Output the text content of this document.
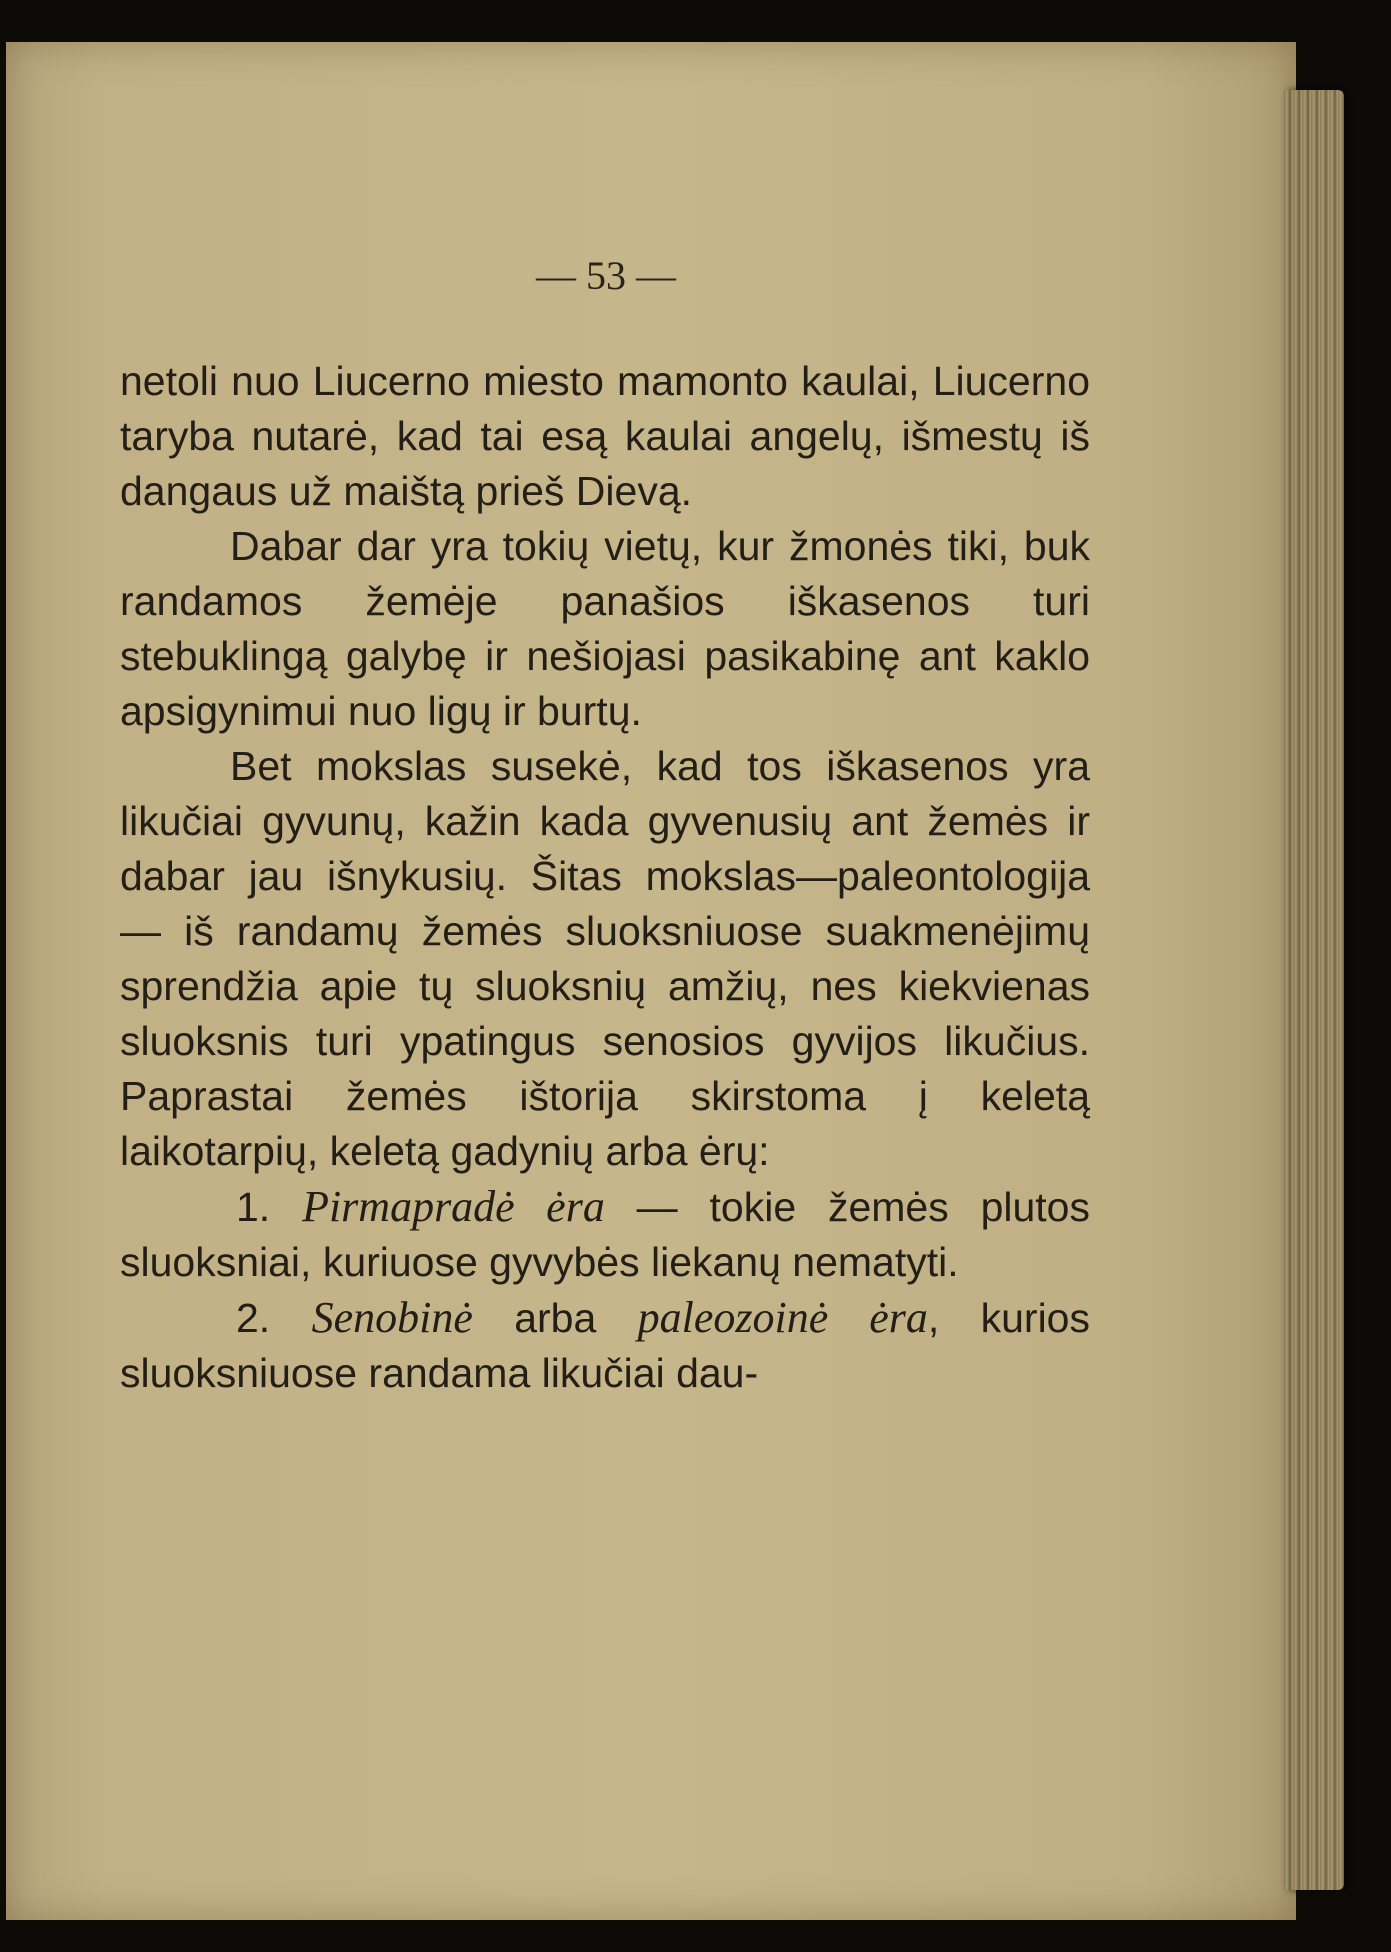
— 53 —

netoli nuo Liucerno miesto mamonto kaulai, Liucerno taryba nutarė, kad tai esą kaulai angelų, išmestų iš dangaus už maištą prieš Dievą.

Dabar dar yra tokių vietų, kur žmonės tiki, buk randamos žemėje panašios iškasenos turi stebuklingą galybę ir nešiojasi pasikabinę ant kaklo apsigynimui nuo ligų ir burtų.

Bet mokslas susekė, kad tos iškasenos yra likučiai gyvunų, kažin kada gyvenusių ant žemės ir dabar jau išnykusių. Šitas mokslas—paleontologija — iš randamų žemės sluoksniuose suakmenėjimų sprendžia apie tų sluoksnių amžių, nes kiekvienas sluoksnis turi ypatingus senosios gyvijos likučius. Paprastai žemės ištorija skirstoma į keletą laikotarpių, keletą gadynių arba ėrų:

1. Pirmapradė ėra — tokie žemės plutos sluoksniai, kuriuose gyvybės liekanų nematyti.

2. Senobinė arba paleozoinė ėra, kurios sluoksniuose randama likučiai dau-
